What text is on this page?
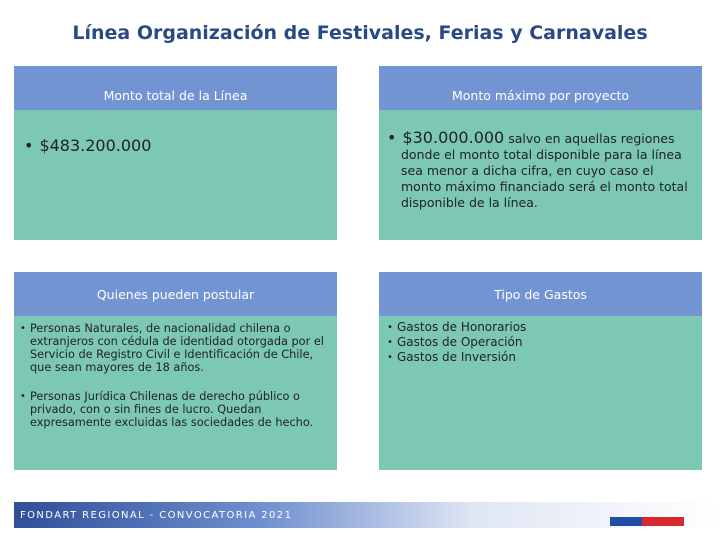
Línea Organización de Festivales, Ferias y Carnavales
Monto total de la Línea
• $483.200.000
Monto máximo por proyecto
• $30.000.000 salvo en aquellas regiones
donde el monto total disponible para la línea sea menor a dicha cifra, en cuyo caso el monto máximo financiado será el monto total disponible de la línea.
Quienes pueden postular
• Personas Naturales, de nacionalidad chilena o extranjeros con cédula de identidad otorgada por el Servicio de Registro Civil e Identificación de Chile, que sean mayores de 18 años.
• Personas Jurídica Chilenas de derecho público o privado, con o sin fines de lucro. Quedan expresamente excluidas las sociedades de hecho.
Tipo de Gastos
• Gastos de Honorarios
• Gastos de Operación
• Gastos de Inversión
FONDART REGIONAL - CONVOCATORIA 2021
